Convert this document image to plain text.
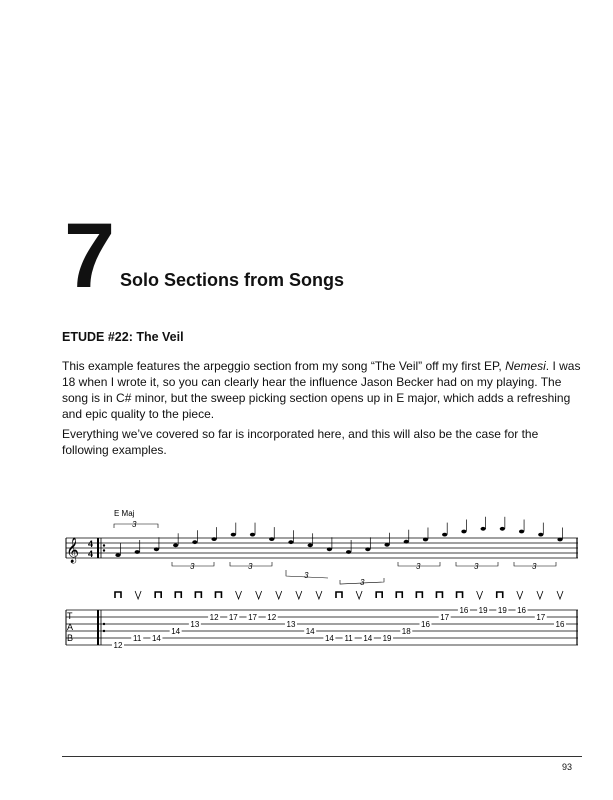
7 Solo Sections from Songs
ETUDE #22: The Veil

This example features the arpeggio section from my song “The Veil” off my first EP, Nemesi. I was 18 when I wrote it, so you can clearly hear the influence Jason Becker had on my playing. The song is in C# minor, but the sweep picking section opens up in E major, which adds a refreshing and epic quality to the piece.

Everything we’ve covered so far is incorporated here, and this will also be the case for the following examples.

E Maj
𝄞 4
4
3
3	3
3
3
3	3	3
T
A
B
12
11 14
14
13
12 17 17 12
13
14
14 11 14 19
18
16
17
16 19 19 16
17
16
93
